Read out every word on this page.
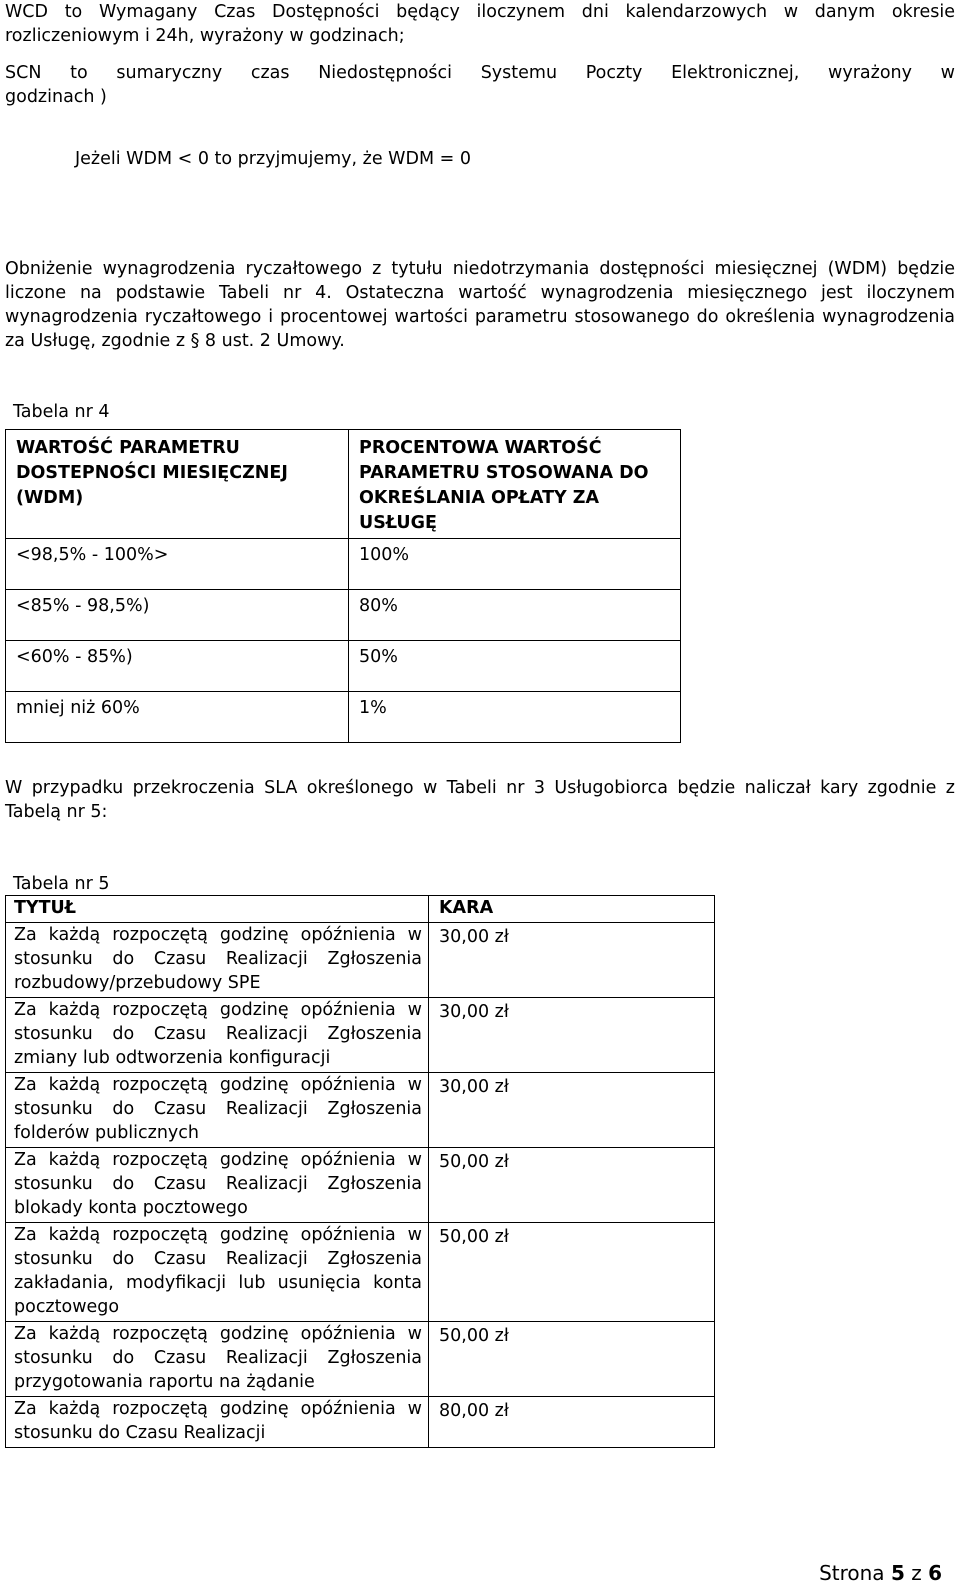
WCD to Wymagany Czas Dostępności będący iloczynem dni kalendarzowych w danym okresie
rozliczeniowym i 24h, wyrażony w godzinach;
SCN to sumaryczny czas Niedostępności Systemu Poczty Elektronicznej, wyrażony w
godzinach )
Jeżeli WDM < 0 to przyjmujemy, że WDM = 0
Obniżenie wynagrodzenia ryczałtowego z tytułu niedotrzymania dostępności miesięcznej (WDM) będzie liczone na podstawie Tabeli nr 4. Ostateczna wartość wynagrodzenia miesięcznego jest iloczynem wynagrodzenia ryczałtowego i procentowej wartości parametru stosowanego do określenia wynagrodzenia za Usługę, zgodnie z § 8 ust. 2 Umowy.
Tabela nr 4
WARTOŚĆ PARAMETRU DOSTEPNOŚCI MIESIĘCZNEJ (WDM)	PROCENTOWA WARTOŚĆ PARAMETRU STOSOWANA DO OKREŚLANIA OPŁATY ZA USŁUGĘ
<98,5% - 100%>	100%
<85% - 98,5%)	80%
<60% - 85%)	50%
mniej niż 60%	1%
W przypadku przekroczenia SLA określonego w Tabeli nr 3 Usługobiorca będzie naliczał kary zgodnie z Tabelą nr 5:
Tabela nr 5
TYTUŁ	KARA

Za każdą rozpoczętą godzinę opóźnienia w stosunku do Czasu Realizacji Zgłoszenia rozbudowy/przebudowy SPE	30,00 zł

Za każdą rozpoczętą godzinę opóźnienia w stosunku do Czasu Realizacji Zgłoszenia zmiany lub odtworzenia konfiguracji	30,00 zł

Za każdą rozpoczętą godzinę opóźnienia w stosunku do Czasu Realizacji Zgłoszenia folderów publicznych	30,00 zł

Za każdą rozpoczętą godzinę opóźnienia w stosunku do Czasu Realizacji Zgłoszenia blokady konta pocztowego	50,00 zł

Za każdą rozpoczętą godzinę opóźnienia w stosunku do Czasu Realizacji Zgłoszenia zakładania, modyfikacji lub usunięcia konta pocztowego	50,00 zł

Za każdą rozpoczętą godzinę opóźnienia w stosunku do Czasu Realizacji Zgłoszenia przygotowania raportu na żądanie	50,00 zł

Za każdą rozpoczętą godzinę opóźnienia w stosunku do Czasu Realizacji	80,00 zł
Strona 5 z 6
